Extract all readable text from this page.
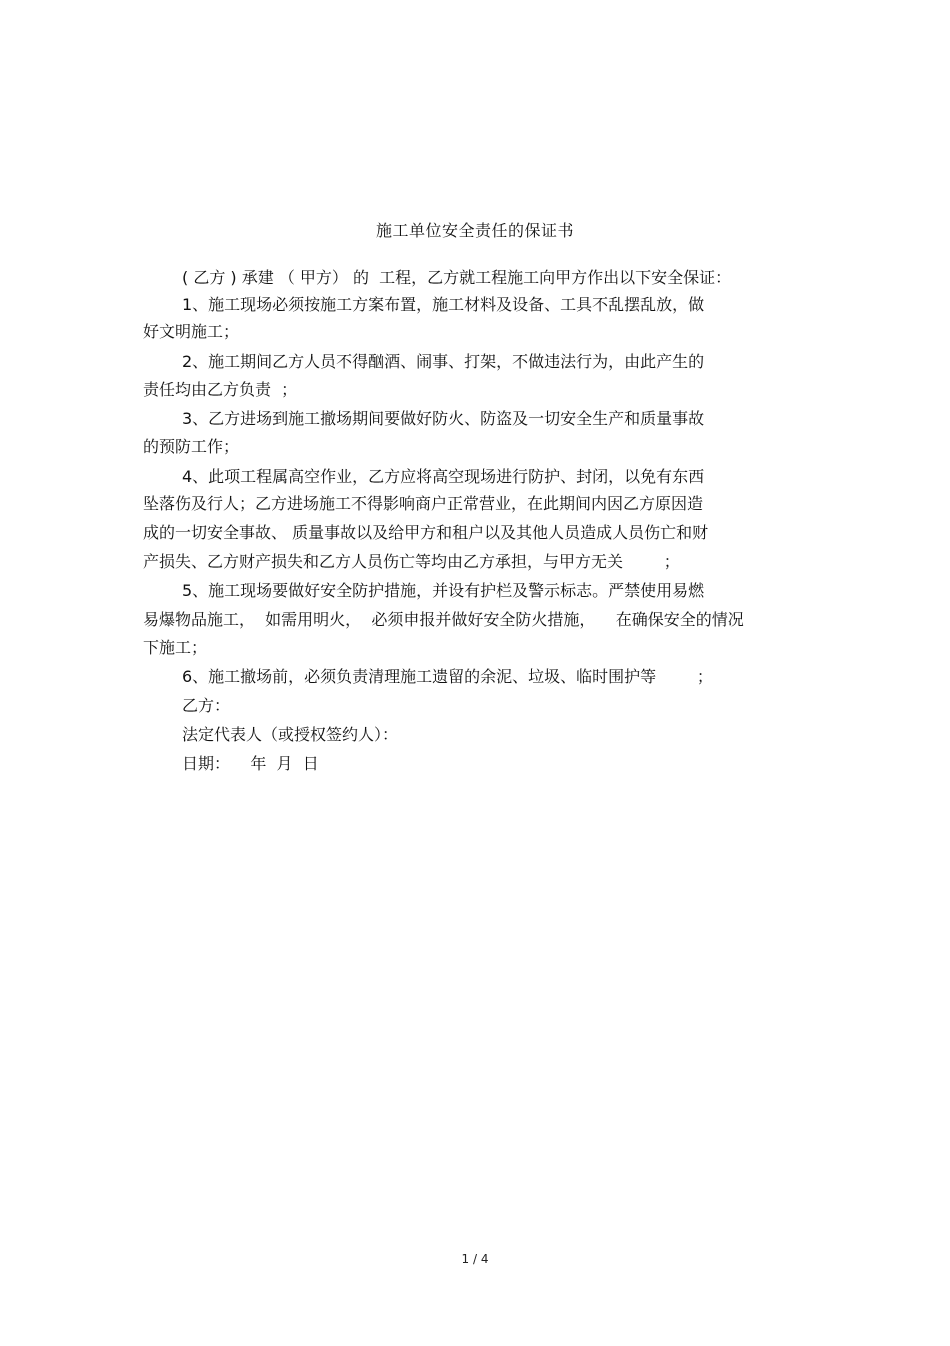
施工单位安全责任的保证书
( 乙方 ) 承建 （ 甲方） 的  工程，乙方就工程施工向甲方作出以下安全保证：
1、施工现场必须按施工方案布置，施工材料及设备、工具不乱摆乱放，做
好文明施工；
2、施工期间乙方人员不得酗酒、闹事、打架，不做违法行为，由此产生的
责任均由乙方负责  ；
3、乙方进场到施工撤场期间要做好防火、防盗及一切安全生产和质量事故
的预防工作；
4、此项工程属高空作业，乙方应将高空现场进行防护、封闭，以免有东西
坠落伤及行人；乙方进场施工不得影响商户正常营业，在此期间内因乙方原因造
成的一切安全事故、 质量事故以及给甲方和租户以及其他人员造成人员伤亡和财
产损失、乙方财产损失和乙方人员伤亡等均由乙方承担，与甲方无关        ；
5、施工现场要做好安全防护措施，并设有护栏及警示标志。严禁使用易燃
易爆物品施工，  如需用明火，  必须申报并做好安全防火措施，    在确保安全的情况
下施工；
6、施工撤场前，必须负责清理施工遗留的余泥、垃圾、临时围护等        ；
乙方：
法定代表人（或授权签约人）：
日期：    年  月  日
1 / 4
